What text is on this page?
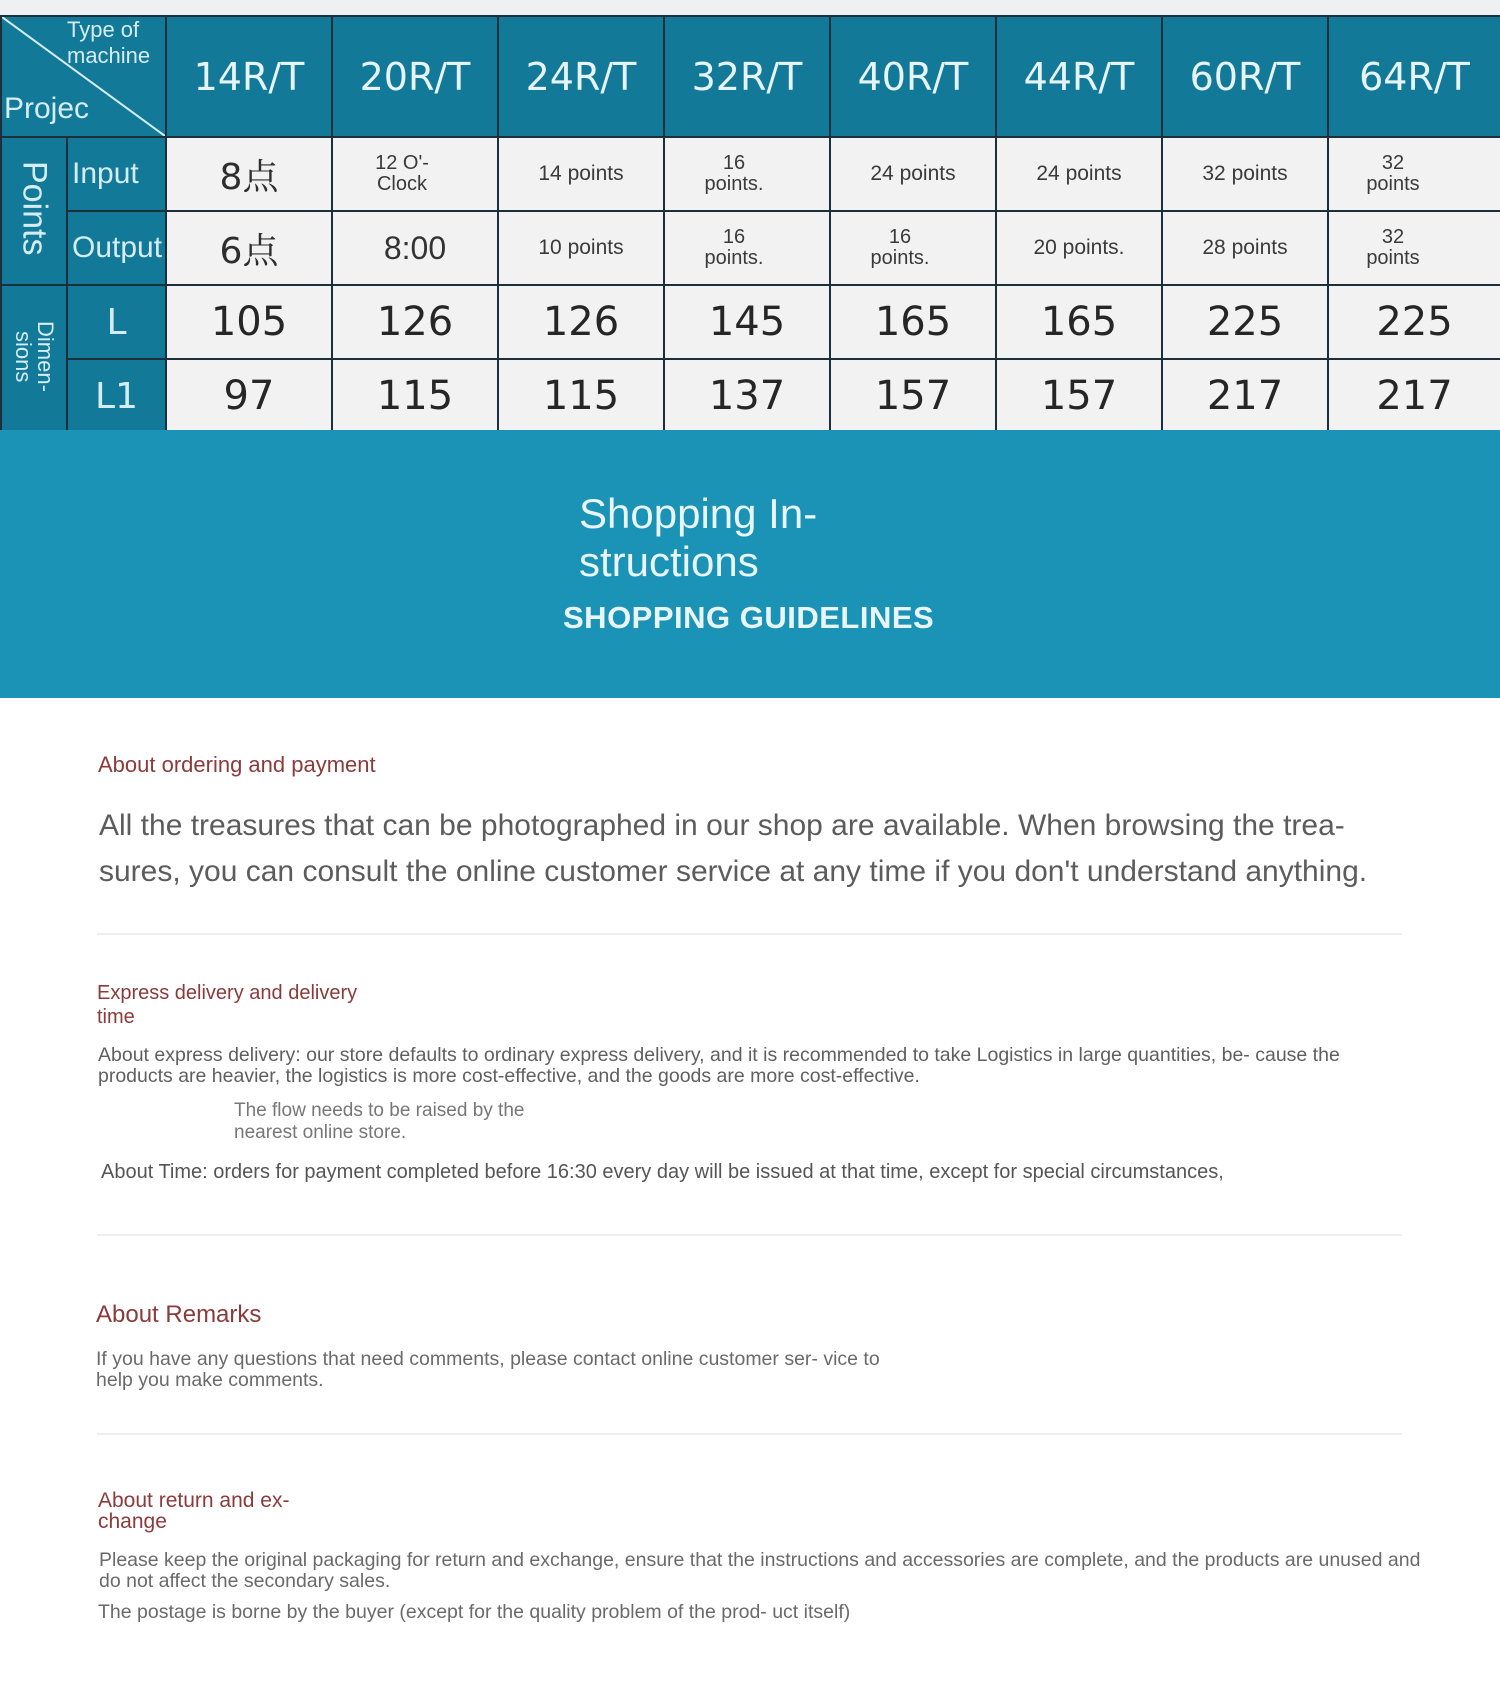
Type of machine
Projec		14R/T	20R/T	24R/T	32R/T	40R/T	44R/T	60R/T	64R/T
Points	Input	8点	12 O'- Clock	14 points	16 points.	24 points	24 points	32 points	32 points

	Output	6点	8:00	10 points	16 points.	16 points.	20 points.	28 points	32 points

Dimen- sions	L	105	126	126	145	165	165	225	225
	L1	97	115	115	137	157	157	217	217
Shopping In- structions
SHOPPING GUIDELINES
About ordering and payment
All the treasures that can be photographed in our shop are available. When browsing the trea- sures, you can consult the online customer service at any time if you don't understand anything.
Express delivery and delivery time
About express delivery: our store defaults to ordinary express delivery, and it is recommended to take Logistics in large quantities, be- cause the products are heavier, the logistics is more cost-effective, and the goods are more cost-effective.
The flow needs to be raised by the nearest online store.
About Time: orders for payment completed before 16:30 every day will be issued at that time, except for special circumstances,
About Remarks
If you have any questions that need comments, please contact online customer ser- vice to help you make comments.
About return and ex- change
Please keep the original packaging for return and exchange, ensure that the instructions and accessories are complete, and the products are unused and do not affect the secondary sales.
The postage is borne by the buyer (except for the quality problem of the prod- uct itself)
